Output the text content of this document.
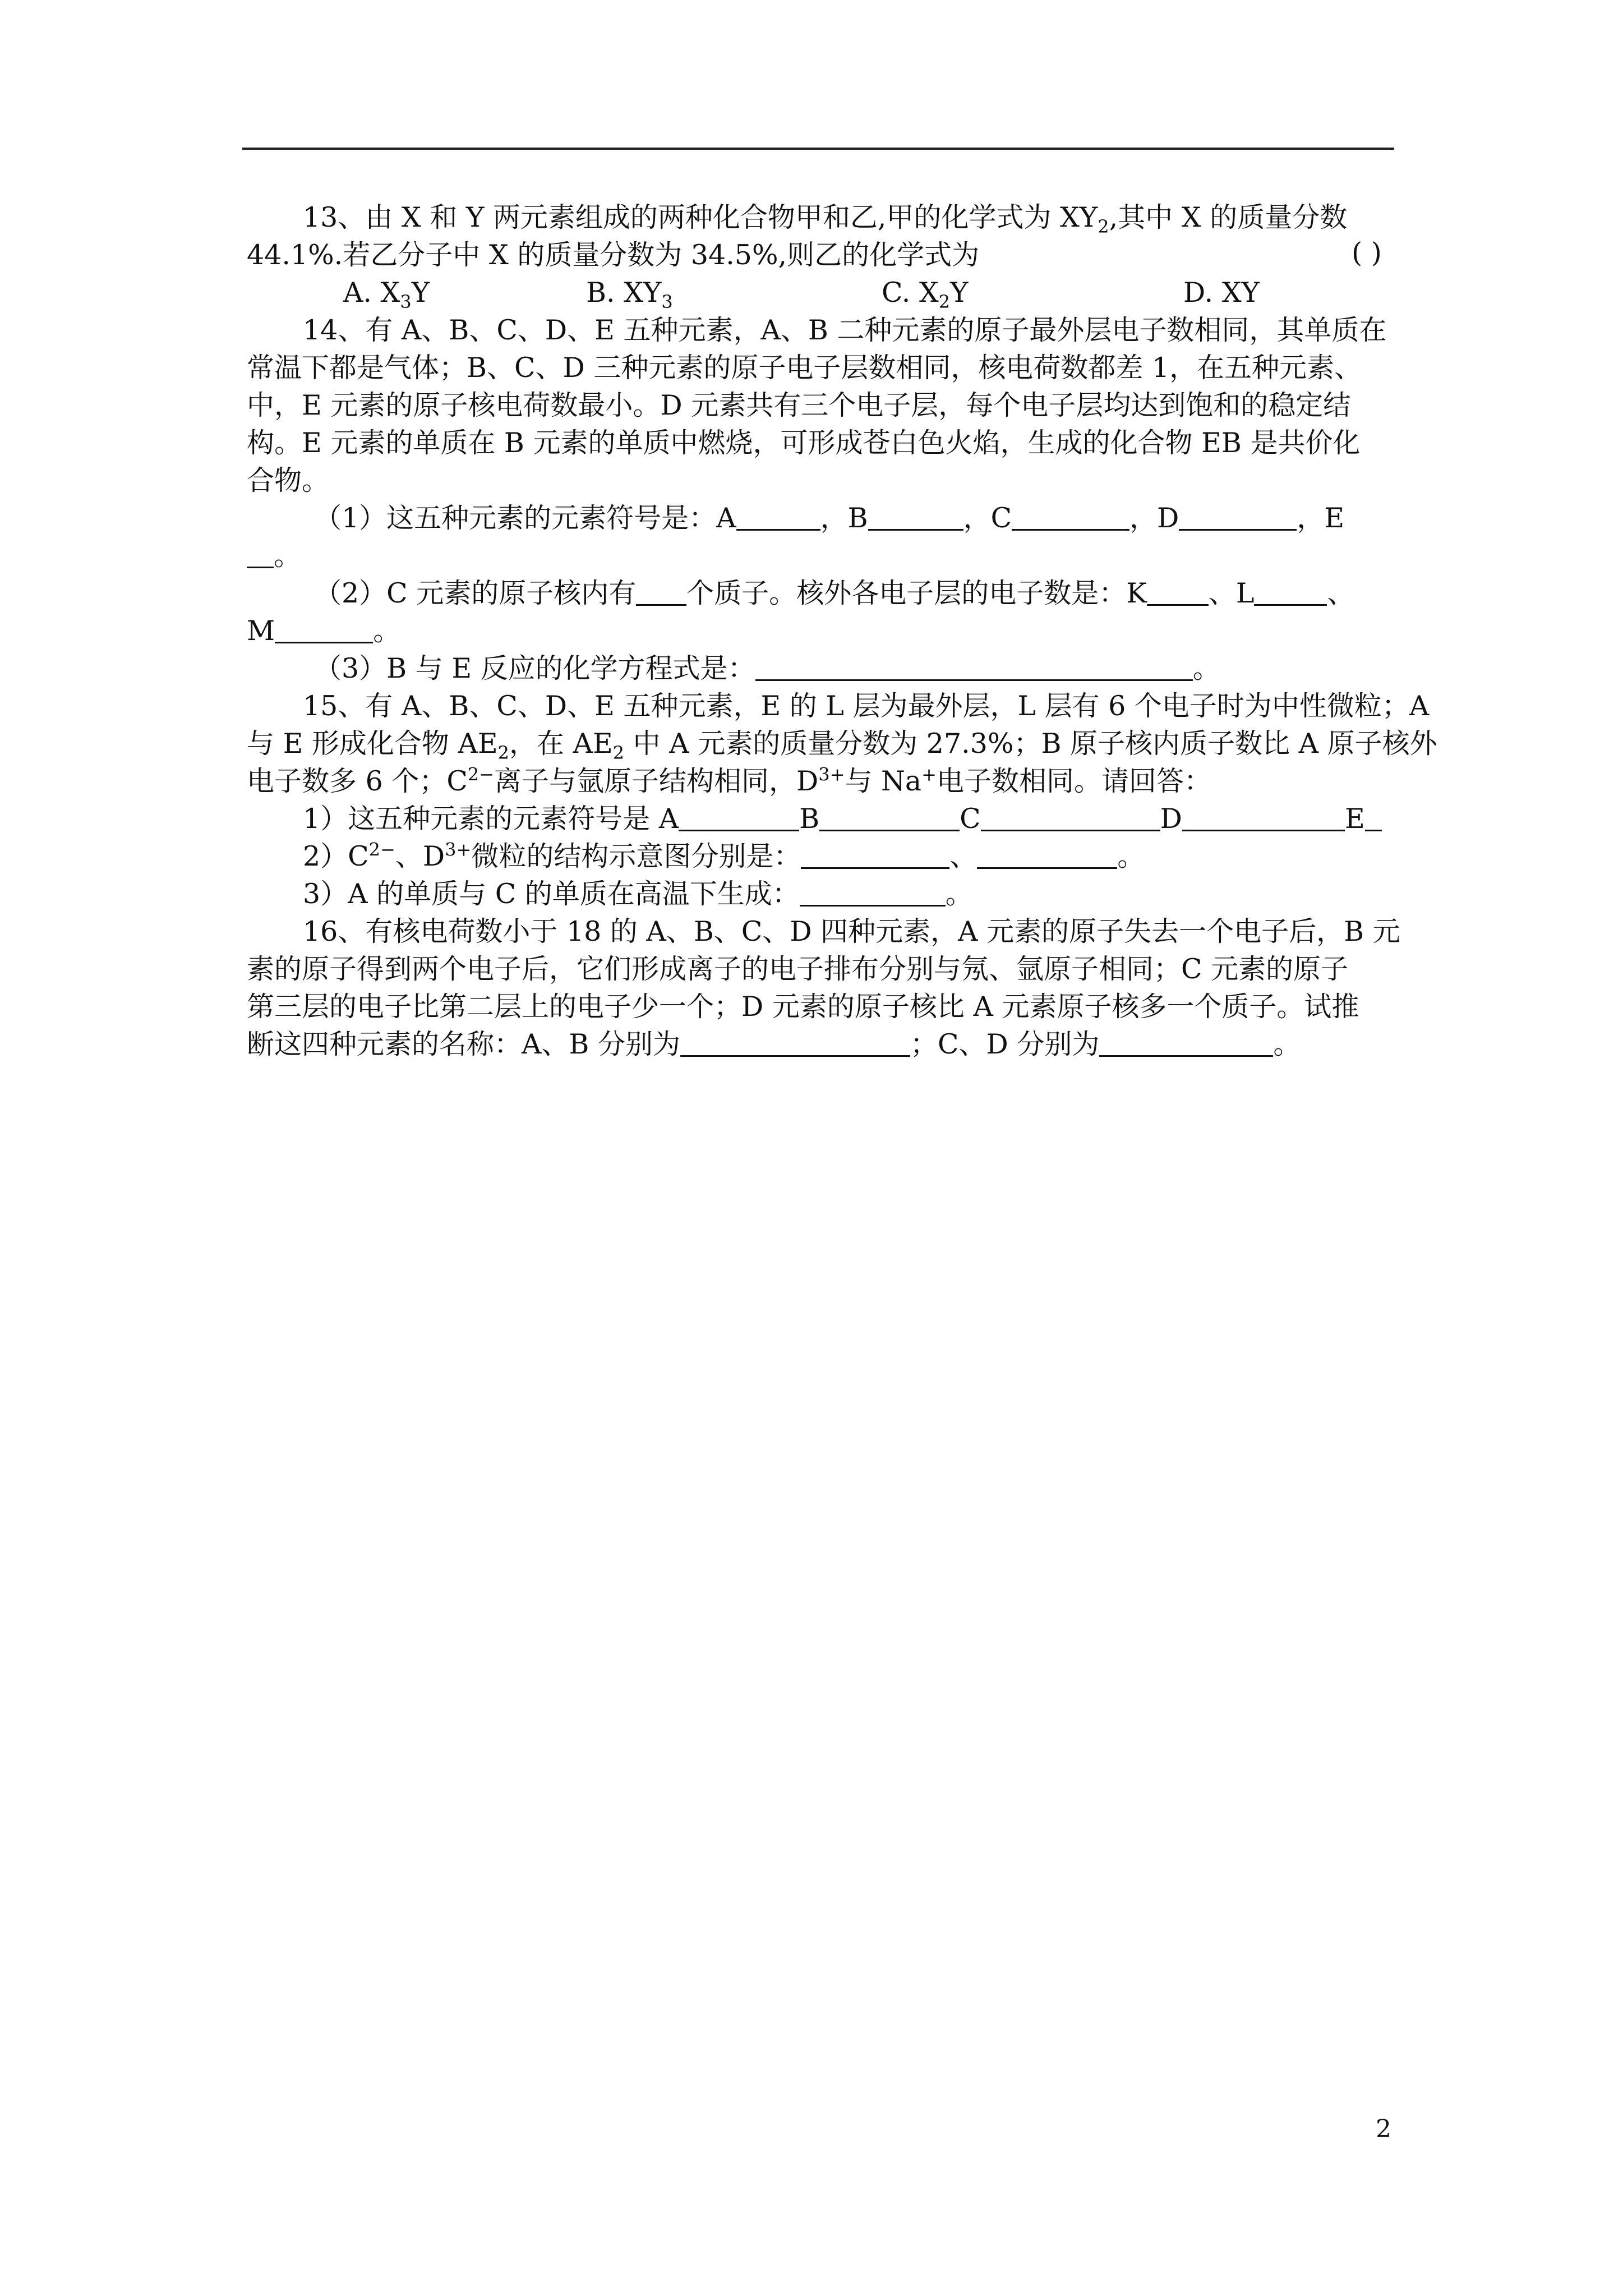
13、由 X 和 Y 两元素组成的两种化合物甲和乙,甲的化学式为 $XY_2$,其中 X 的质量分数
44.1%.若乙分子中 X 的质量分数为 34.5%,则乙的化学式为	( )
A. $X_3Y$	B. $XY_3$	C. $X_2Y$	D. XY
14、有 A、B、C、D、E 五种元素，A、B 二种元素的原子最外层电子数相同，其单质在
常温下都是气体；B、C、D 三种元素的原子电子层数相同，核电荷数都差 1，在五种元素、
中，E 元素的原子核电荷数最小。D 元素共有三个电子层，每个电子层均达到饱和的稳定结
构。E 元素的单质在 B 元素的单质中燃烧，可形成苍白色火焰，生成的化合物 EB 是共价化
合物。
（1）这五种元素的元素符号是：A	，B	，C	，D	，E
。
（2）C 元素的原子核内有 个质子。核外各电子层的电子数是：K 、L	、
M	。
（3）B 与 E 反应的化学方程式是：	。
15、有 A、B、C、D、E 五种元素，E 的 L 层为最外层，L 层有 6 个电子时为中性微粒；A
与 E 形成化合物 $AE_2$，在 $AE_2$ 中 A 元素的质量分数为 27.3%；B 原子核内质子数比 A 原子核外
电子数多 6 个；$C^{2-}$离子与氩原子结构相同，$D^{3+}$与 Na+电子数相同。请回答：
1）这五种元素的元素符号是 A	B	C	D	E
$2)C^{2-}$、$D^{3+}$微粒的结构示意图分别是：	、	。
3）A 的单质与 C 的单质在高温下生成：	。
16、有核电荷数小于 18 的 A、B、C、D 四种元素，A 元素的原子失去一个电子后，B 元
素的原子得到两个电子后，它们形成离子的电子排布分别与氖、氩原子相同；C 元素的原子
第三层的电子比第二层上的电子少一个；D 元素的原子核比 A 元素原子核多一个质子。试推
断这四种元素的名称：A、B 分别为	；C、D 分别为	。
2
